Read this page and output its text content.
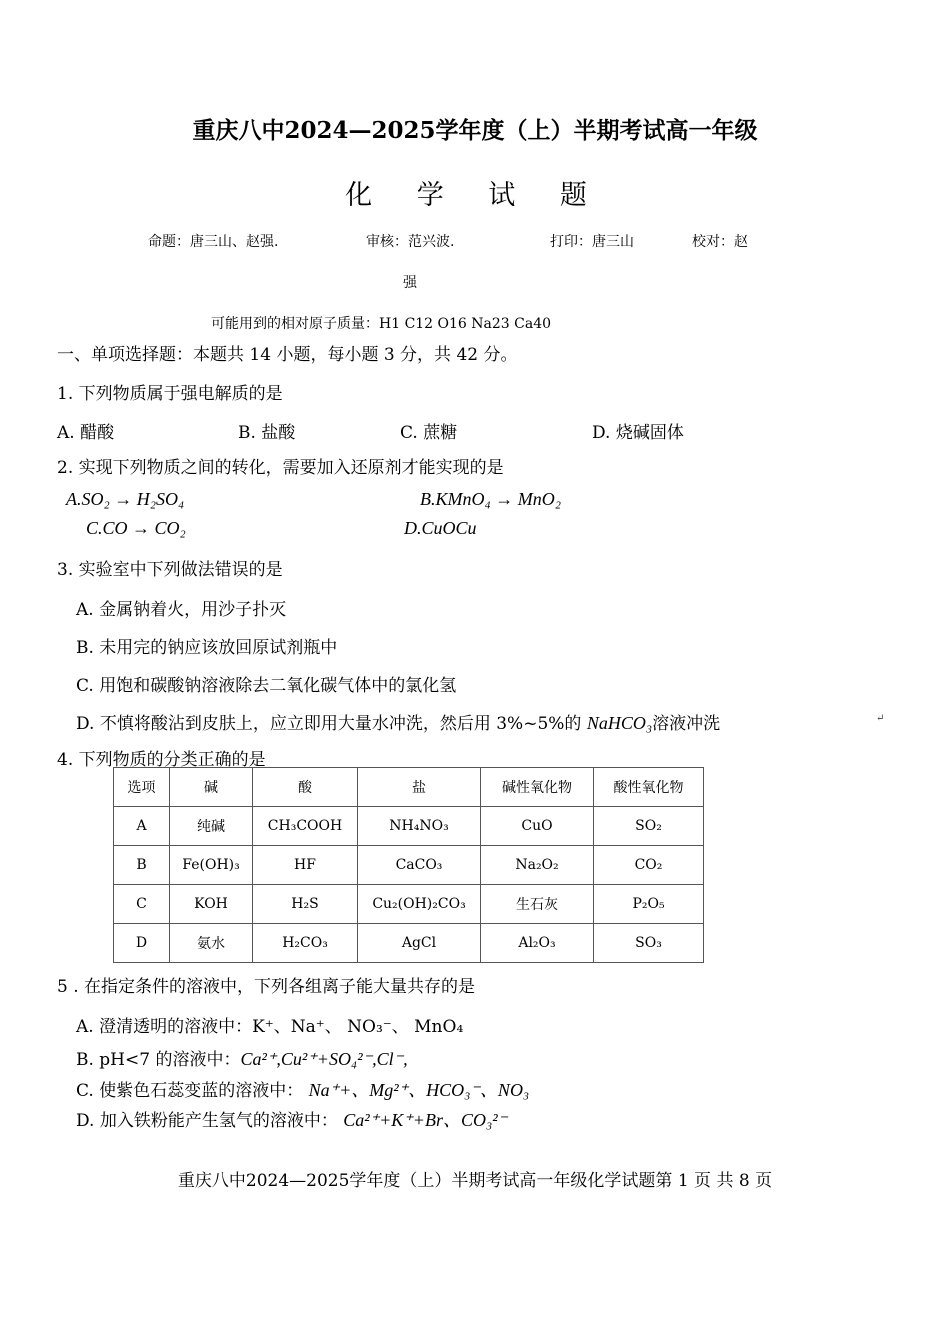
重庆八中2024—2025学年度（上）半期考试高一年级
化 学 试 题
命题：唐三山、赵强.	审核：范兴波.	打印：唐三山	校对：赵
强
可能用到的相对原子质量：H1 C12 O16 Na23 Ca40
一、单项选择题：本题共 14 小题，每小题 3 分，共 42 分。
1. 下列物质属于强电解质的是
A. 醋酸	B. 盐酸	C. 蔗糖	D. 烧碱固体
2. 实现下列物质之间的转化，需要加入还原剂才能实现的是
A.SO₂ → H₂SO₄	B.KMnO₄ → MnO₂
C.CO → CO₂	D.CuOCu
3. 实验室中下列做法错误的是
A. 金属钠着火，用沙子扑灭
B. 未用完的钠应该放回原试剂瓶中
C. 用饱和碳酸钠溶液除去二氧化碳气体中的氯化氢
D. 不慎将酸沾到皮肤上，应立即用大量水冲洗，然后用 3%~5%的 NaHCO₃溶液冲洗	↵
4. 下列物质的分类正确的是
选项	碱	酸	盐	碱性氧化物	酸性氧化物
A	纯碱	CH₃COOH	NH₄NO₃	CuO	SO₂
B	Fe(OH)₃	HF	CaCO₃	Na₂O₂	CO₂
C	KOH	H₂S	Cu₂(OH)₂CO₃	生石灰	P₂O₅
D	氨水	H₂CO₃	AgCl	Al₂O₃	SO₃
5 . 在指定条件的溶液中，下列各组离子能大量共存的是
A. 澄清透明的溶液中：K⁺、Na⁺、 NO₃⁻、 MnO₄
B. pH<7 的溶液中：Ca²⁺,Cu²⁺+SO₄²⁻,Cl⁻,
C. 使紫色石蕊变蓝的溶液中： Na⁺+、Mg²⁺、HCO₃⁻、NO₃
D. 加入铁粉能产生氢气的溶液中： Ca²⁺+K⁺+Br、CO₃²⁻
重庆八中2024—2025学年度（上）半期考试高一年级化学试题第 1 页 共 8 页
